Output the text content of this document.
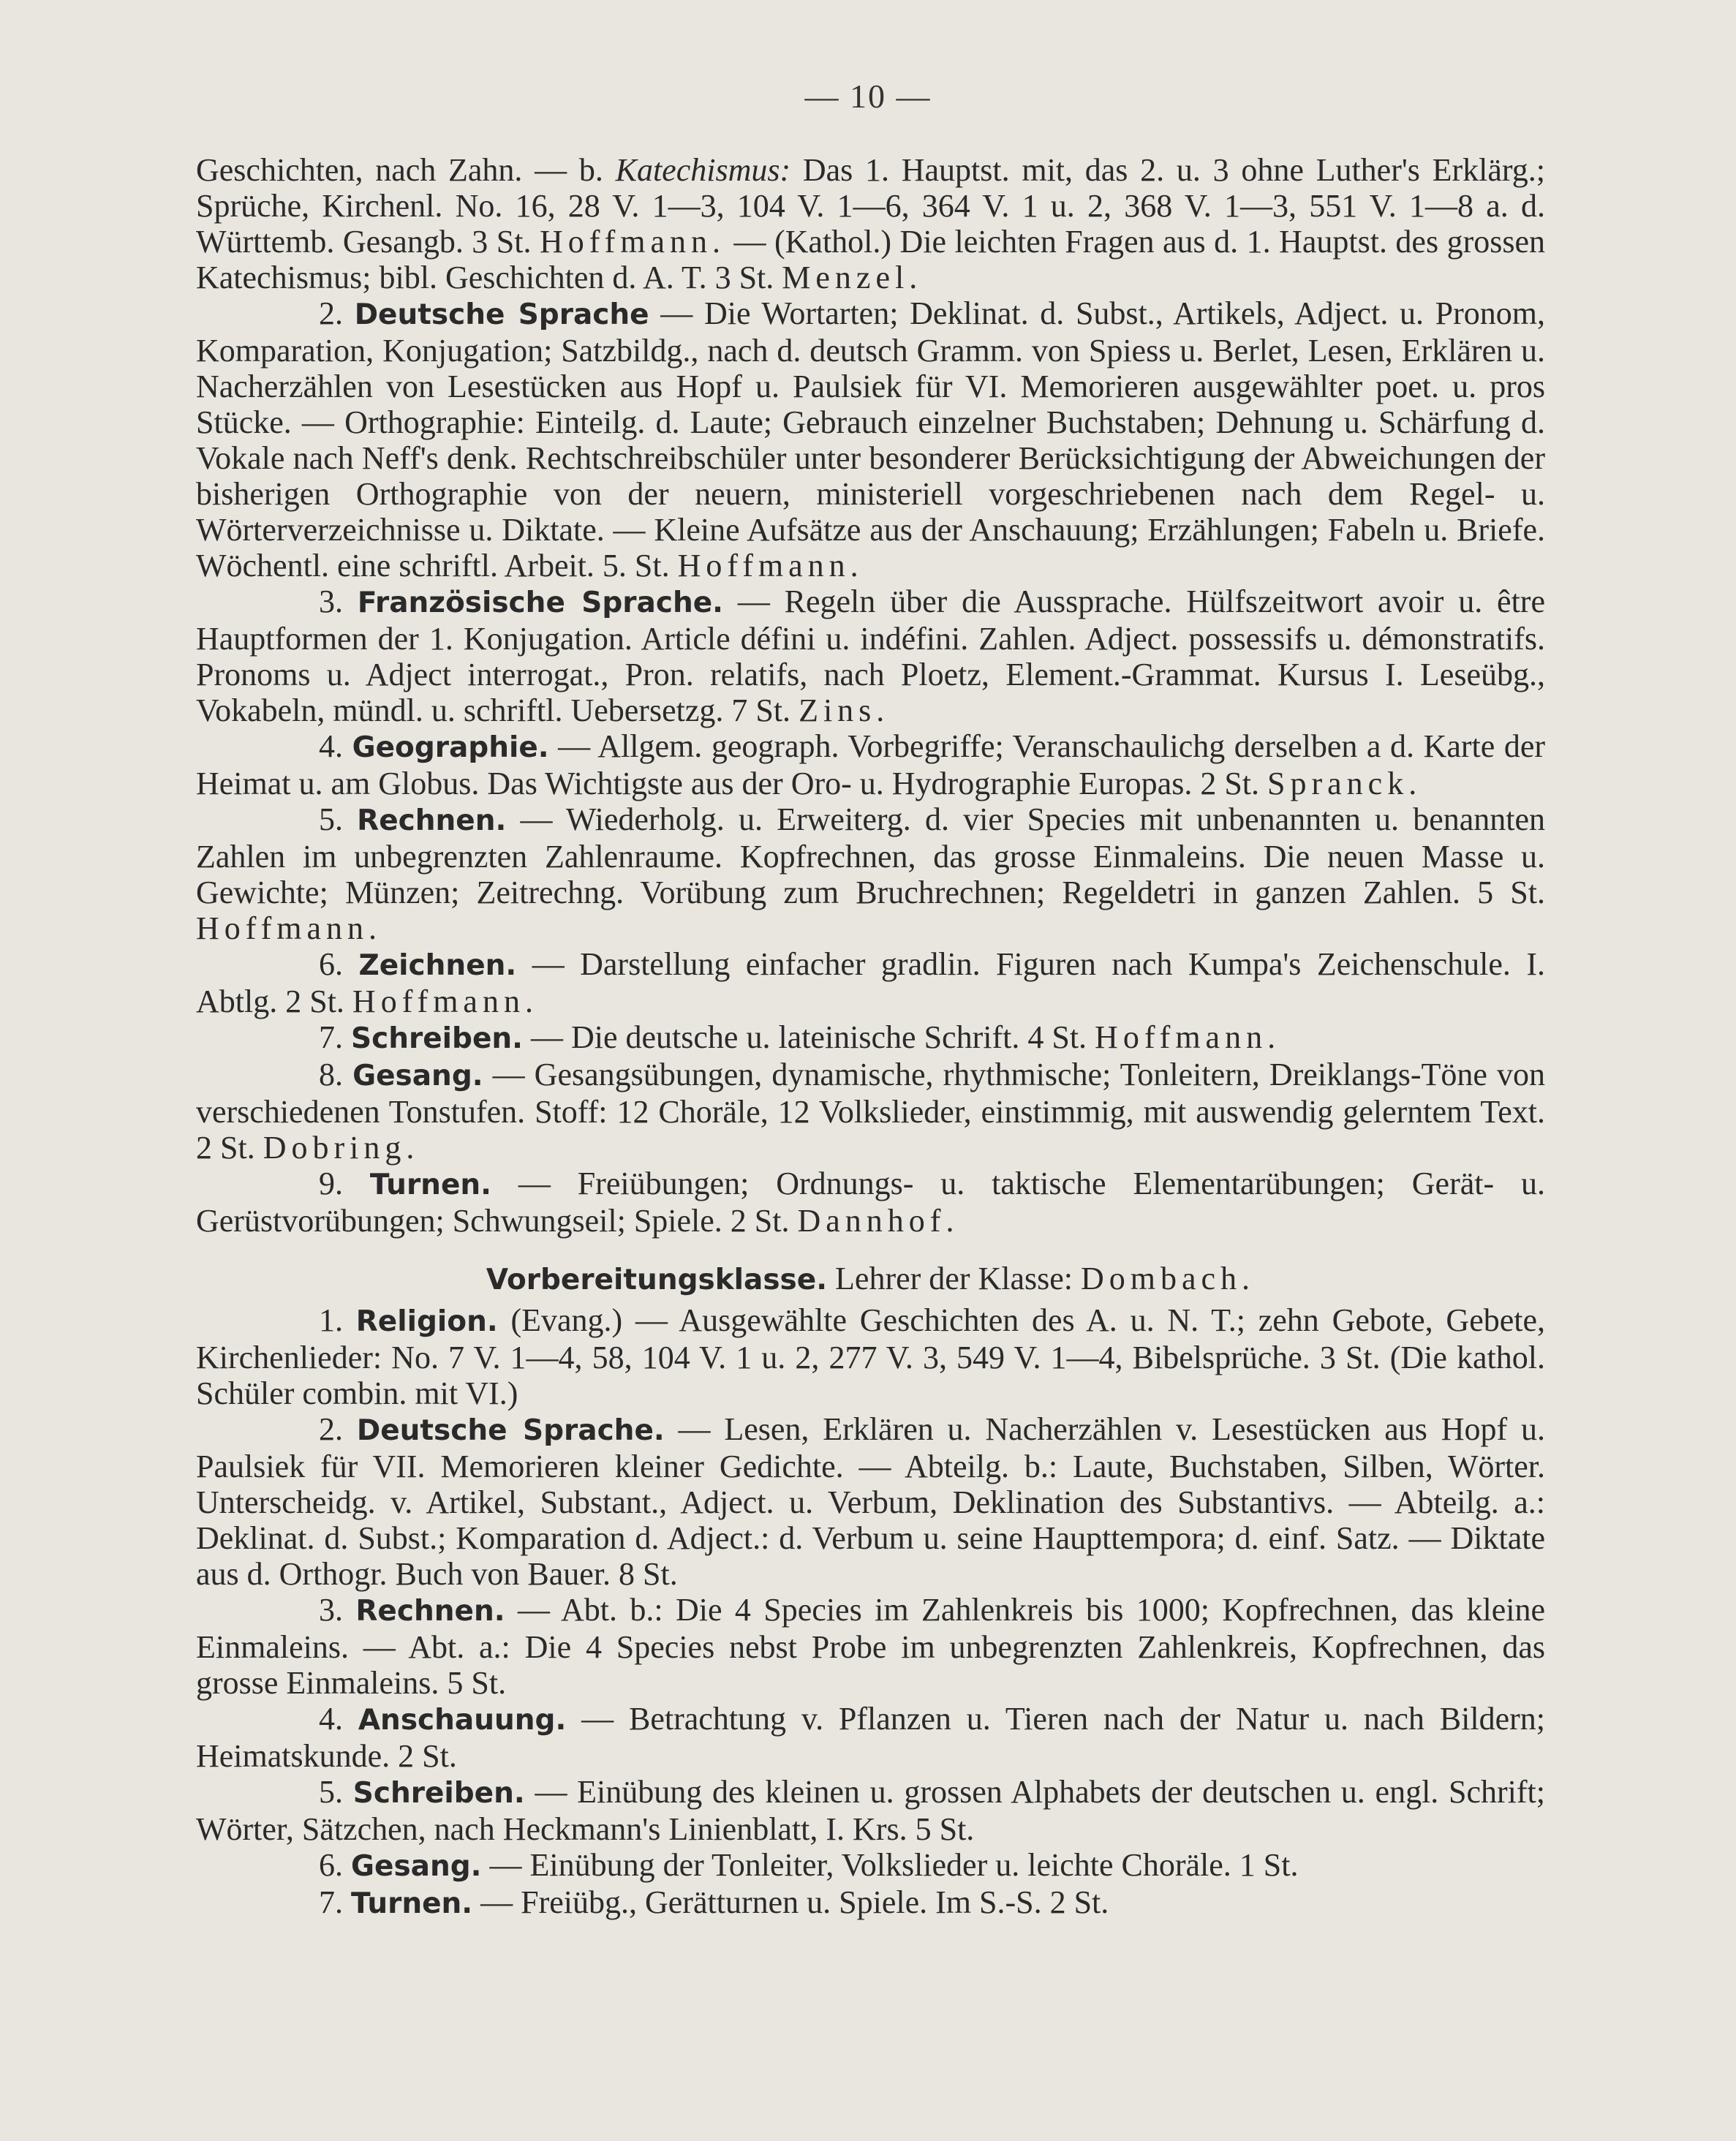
— 10 —

Geschichten, nach Zahn. — b. Katechismus: Das 1. Hauptst. mit, das 2. u. 3 ohne Luther's Erklärg.; Sprüche, Kirchenl. No. 16, 28 V. 1—3, 104 V. 1—6, 364 V. 1 u. 2, 368 V. 1—3, 551 V. 1—8 a. d. Württemb. Gesangb. 3 St. Hoffmann. — (Kathol.) Die leichten Fragen aus d. 1. Hauptst. des grossen Katechismus; bibl. Geschichten d. A. T. 3 St. Menzel.

2. Deutsche Sprache — Die Wortarten; Deklinat. d. Subst., Artikels, Adject. u. Pronom, Komparation, Konjugation; Satzbildg., nach d. deutsch Gramm. von Spiess u. Berlet, Lesen, Erklären u. Nacherzählen von Lesestücken aus Hopf u. Paulsiek für VI. Memorieren ausgewählter poet. u. pros Stücke. — Orthographie: Einteilg. d. Laute; Gebrauch einzelner Buchstaben; Dehnung u. Schärfung d. Vokale nach Neff's denk. Rechtschreibschüler unter besonderer Berücksichtigung der Abweichungen der bisherigen Orthographie von der neuern, ministeriell vorgeschriebenen nach dem Regel- u. Wörterverzeichnisse u. Diktate. — Kleine Aufsätze aus der Anschauung; Erzählungen; Fabeln u. Briefe. Wöchentl. eine schriftl. Arbeit. 5. St. Hoffmann.

3. Französische Sprache. — Regeln über die Aussprache. Hülfszeitwort avoir u. être Hauptformen der 1. Konjugation. Article défini u. indéfini. Zahlen. Adject. possessifs u. démonstratifs. Pronoms u. Adject interrogat., Pron. relatifs, nach Ploetz, Element.-Grammat. Kursus I. Leseübg., Vokabeln, mündl. u. schriftl. Uebersetzg. 7 St. Zins.

4. Geographie. — Allgem. geograph. Vorbegriffe; Veranschaulichg derselben a d. Karte der Heimat u. am Globus. Das Wichtigste aus der Oro- u. Hydrographie Europas. 2 St. Spranck.

5. Rechnen. — Wiederholg. u. Erweiterg. d. vier Species mit unbenannten u. benannten Zahlen im unbegrenzten Zahlenraume. Kopfrechnen, das grosse Einmaleins. Die neuen Masse u. Gewichte; Münzen; Zeitrechng. Vorübung zum Bruchrechnen; Regeldetri in ganzen Zahlen. 5 St. Hoffmann.

6. Zeichnen. — Darstellung einfacher gradlin. Figuren nach Kumpa's Zeichenschule. I. Abtlg. 2 St. Hoffmann.

7. Schreiben. — Die deutsche u. lateinische Schrift. 4 St. Hoffmann.

8. Gesang. — Gesangsübungen, dynamische, rhythmische; Tonleitern, Dreiklangs-Töne von verschiedenen Tonstufen. Stoff: 12 Choräle, 12 Volkslieder, einstimmig, mit auswendig gelerntem Text. 2 St. Dobring.

9. Turnen. — Freiübungen; Ordnungs- u. taktische Elementarübungen; Gerät- u. Gerüstvorübungen; Schwungseil; Spiele. 2 St. Dannhof.

Vorbereitungsklasse. Lehrer der Klasse: Dombach.

1. Religion. (Evang.) — Ausgewählte Geschichten des A. u. N. T.; zehn Gebote, Gebete, Kirchenlieder: No. 7 V. 1—4, 58, 104 V. 1 u. 2, 277 V. 3, 549 V. 1—4, Bibelsprüche. 3 St. (Die kathol. Schüler combin. mit VI.)

2. Deutsche Sprache. — Lesen, Erklären u. Nacherzählen v. Lesestücken aus Hopf u. Paulsiek für VII. Memorieren kleiner Gedichte. — Abteilg. b.: Laute, Buchstaben, Silben, Wörter. Unterscheidg. v. Artikel, Substant., Adject. u. Verbum, Deklination des Substantivs. — Abteilg. a.: Deklinat. d. Subst.; Komparation d. Adject.: d. Verbum u. seine Haupttempora; d. einf. Satz. — Diktate aus d. Orthogr. Buch von Bauer. 8 St.

3. Rechnen. — Abt. b.: Die 4 Species im Zahlenkreis bis 1000; Kopfrechnen, das kleine Einmaleins. — Abt. a.: Die 4 Species nebst Probe im unbegrenzten Zahlenkreis, Kopfrechnen, das grosse Einmaleins. 5 St.

4. Anschauung. — Betrachtung v. Pflanzen u. Tieren nach der Natur u. nach Bildern; Heimatskunde. 2 St.

5. Schreiben. — Einübung des kleinen u. grossen Alphabets der deutschen u. engl. Schrift; Wörter, Sätzchen, nach Heckmann's Linienblatt, I. Krs. 5 St.

6. Gesang. — Einübung der Tonleiter, Volkslieder u. leichte Choräle. 1 St.

7. Turnen. — Freiübg., Gerätturnen u. Spiele. Im S.-S. 2 St.
